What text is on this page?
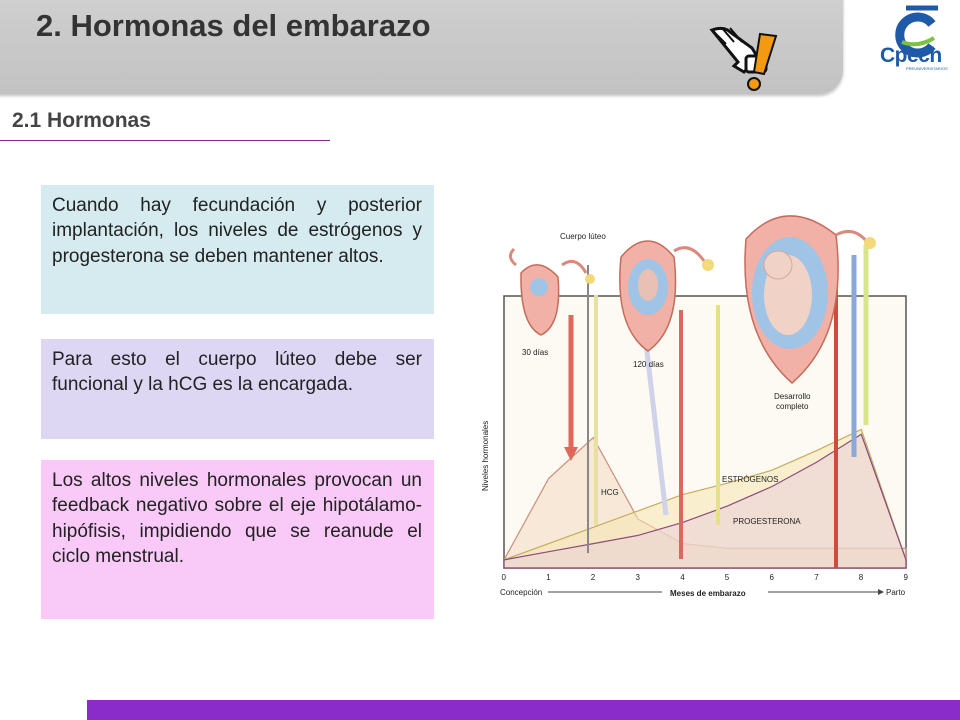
2. Hormonas del embarazo
Cpech
PREUNIVERSITARIOS
2.1 Hormonas
Cuando hay fecundación y posterior implantación, los niveles de estrógenos y progesterona se deben mantener altos.
Para esto el cuerpo lúteo debe ser funcional y la hCG es la encargada.
Los altos niveles hormonales provocan un feedback negativo sobre el eje hipotálamo-hipófisis, impidiendo que se reanude el ciclo menstrual.
Cuerpo lúteo
30 días
120 días
Desarrollo
completo
Niveles hormonales
HCG
ESTRÓGENOS
PROGESTERONA
0	1	2	3	4	5	6	7	8	9
Concepción	Meses de embarazo	Parto
